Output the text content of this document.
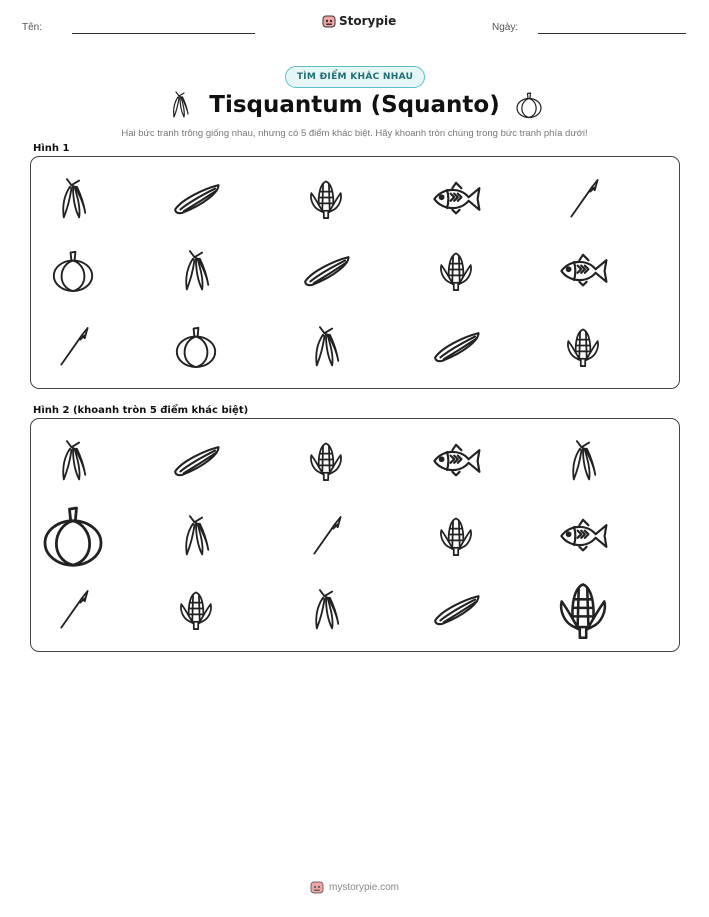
Tên:	Storypie	Ngày:
TÌM ĐIỂM KHÁC NHAU
Tisquantum (Squanto)
Hai bức tranh trông giống nhau, nhưng có 5 điểm khác biệt. Hãy khoanh tròn chúng trong bức tranh phía dưới!
Hình 1
Hình 2 (khoanh tròn 5 điểm khác biệt)
mystorypie.com
